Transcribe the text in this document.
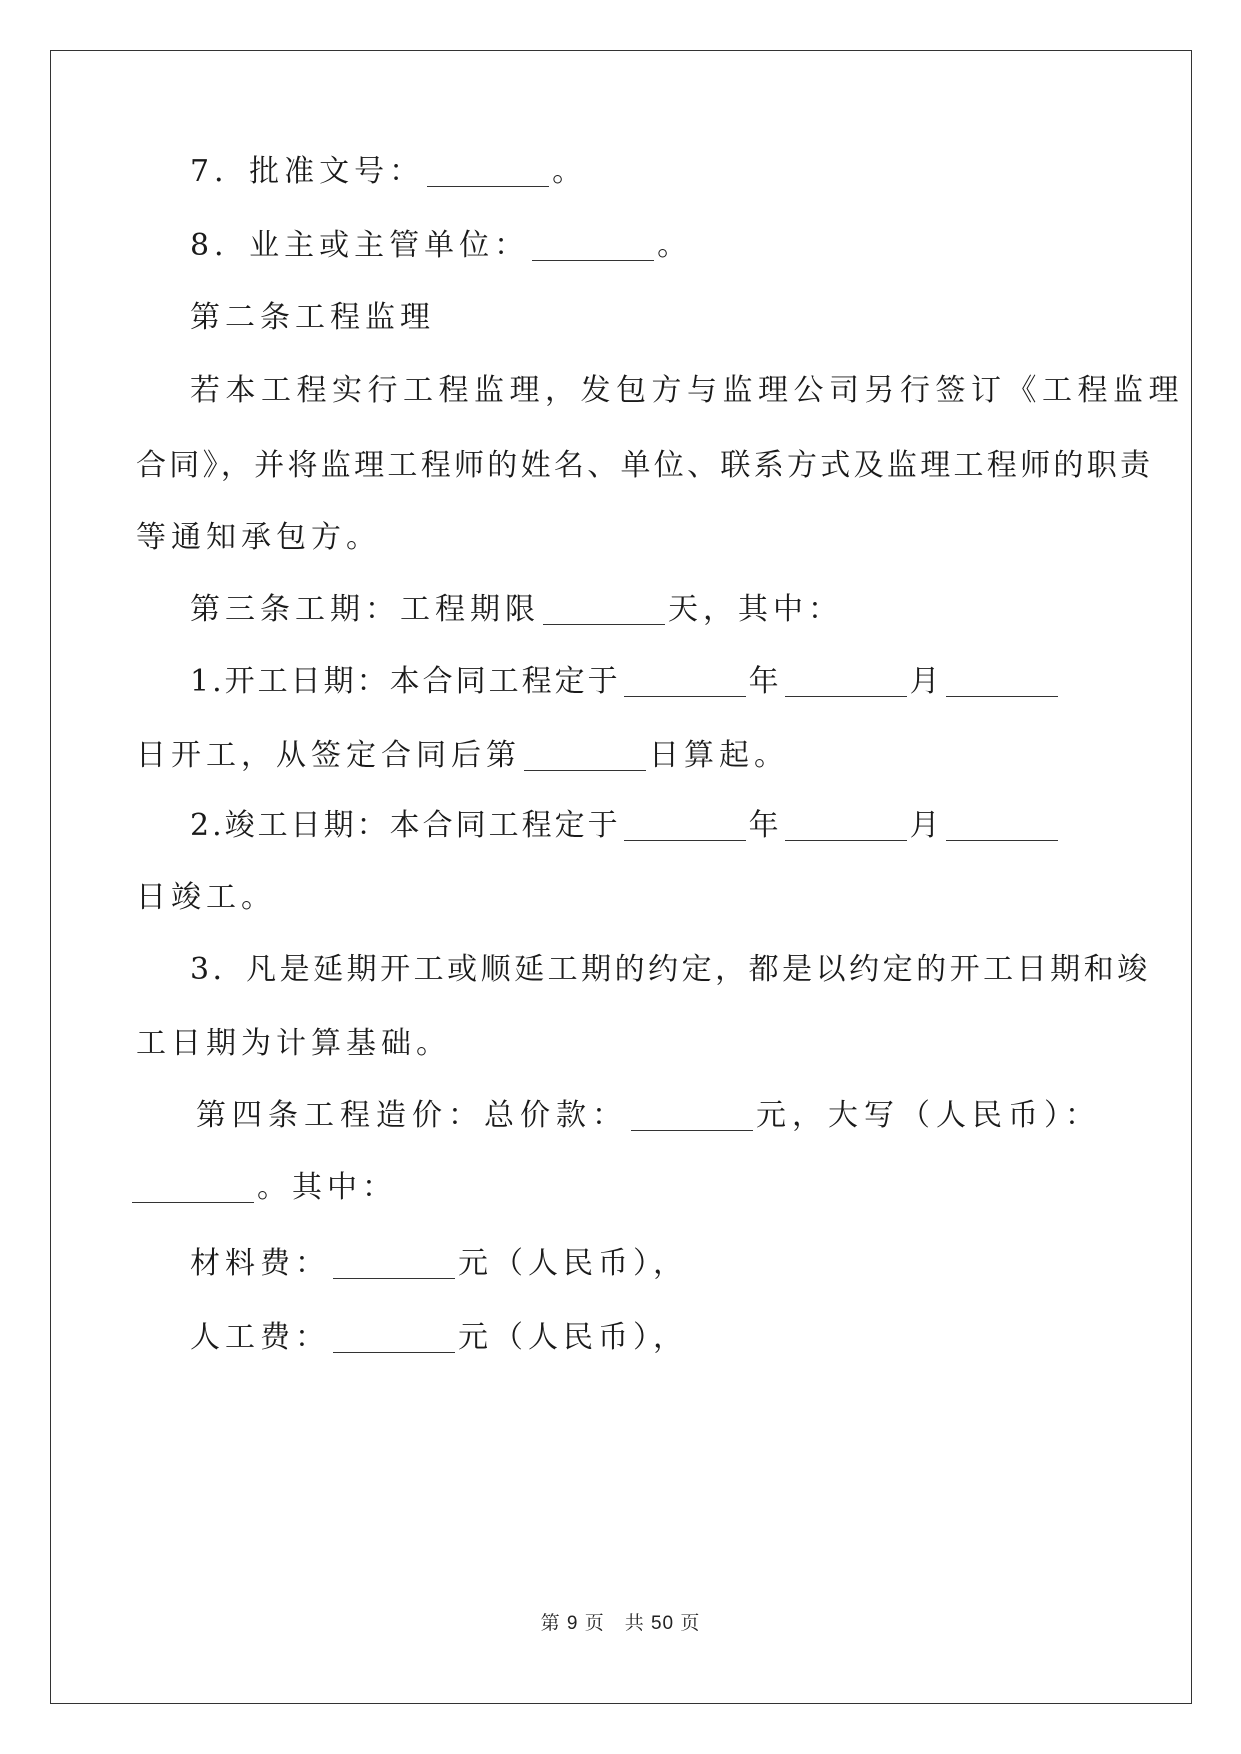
7．批准文号：	。
8．业主或主管单位：	。
第二条工程监理
若本工程实行工程监理，发包方与监理公司另行签订《工程监理
合同》，并将监理工程师的姓名、单位、联系方式及监理工程师的职责
等通知承包方。
第三条工期：工程期限	天，其中：
1.开工日期：本合同工程定于	年	月
日开工，从签定合同后第	日算起。
2.竣工日期：本合同工程定于	年	月
日竣工。
3．凡是延期开工或顺延工期的约定，都是以约定的开工日期和竣
工日期为计算基础。
第四条工程造价：总价款：	元，大写（人民币）：
。其中：
材料费：	元（人民币），
人工费：	元（人民币），
第 9 页　共 50 页
